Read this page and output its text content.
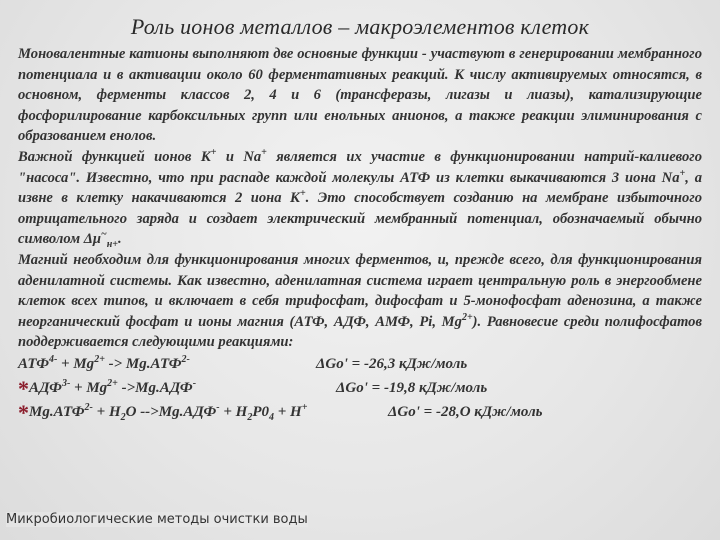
Роль ионов металлов – макроэлементов клеток

Моновалентные катионы выполняют две основные функции - участвуют в генерировании мембранного потенциала и в активации около 60 ферментативных реакций. К числу активируемых относятся, в основном, ферменты классов 2, 4 и 6 (трансферазы, лигазы и лиазы), катализирующие фосфорилирование карбоксильных групп или енольных анионов, а также реакции элиминирования с образованием енолов.

Важной функцией ионов К+ и Na+ является их участие в функционировании натрий-калиевого "насоса". Известно, что при распаде каждой молекулы АТФ из клетки выкачиваются 3 иона Na+, а извне в клетку накачиваются 2 иона К+. Это способствует созданию на мембране избыточного отрицательного заряда и создает электрический мембранный потенциал, обозначаемый обычно символом $\Delta\mu^\sim_{н+}$.

Магний необходим для функционирования многих ферментов, и, прежде всего, для функционирования аденилатной системы. Как известно, аденилатная система играет центральную роль в энергообмене клеток всех типов, и включает в себя трифосфат, дифосфат и 5-монофосфат аденозина, а также неорганический фосфат и ионы магния (АТФ, АДФ, АМФ, Pi, $Mg^{2+}$). Равновесие среди полифосфатов поддерживается следующими реакциями:

$АТФ^{4-} + Mg^{2+} -> Mg.АТФ^{2-}$	ΔGo' = -26,3 кДж/моль
$*АДФ^{3-} + Mg^{2+}$ ->Mg.АДФ-	ΔGo' = -19,8 кДж/моль
$*Mg.АТФ^{2-} + H_2O$ $-->Mg.АДФ^- + H_2P0_4 + H^+$	ΔGo' = -28,O кДж/моль
Микробиологические методы очистки воды
